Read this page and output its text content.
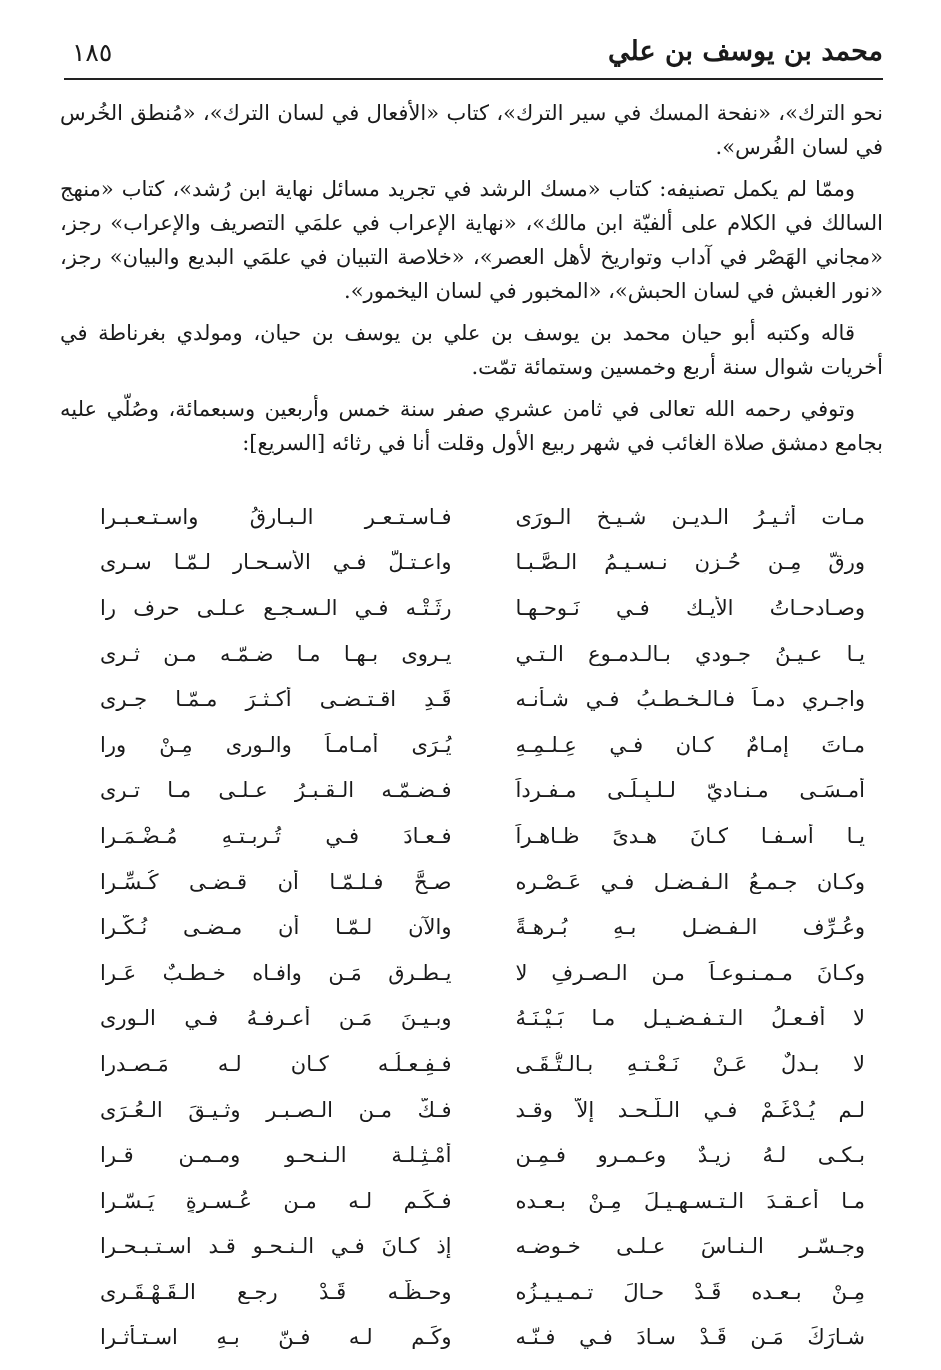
محمد بن يوسف بن علي
١٨٥

نحو الترك»، «نفحة المسك في سير الترك»، كتاب «الأفعال في لسان الترك»، «مُنطق الخُرس في لسان الفُرس».

وممّا لم يكمل تصنيفه: كتاب «مسك الرشد في تجريد مسائل نهاية ابن رُشد»، كتاب «منهج السالك في الكلام على ألفيّة ابن مالك»، «نهاية الإعراب في علمَي التصريف والإعراب» رجز، «مجاني الهَصْر في آداب وتواريخ لأهل العصر»، «خلاصة التبيان في علمَي البديع والبيان» رجز، «نور الغبش في لسان الحبش»، «المخبور في لسان اليخمور».

قاله وكتبه أبو حيان محمد بن يوسف بن علي بن يوسف بن حيان، ومولدي بغرناطة في أخريات شوال سنة أربع وخمسين وستمائة تمّت.

وتوفي رحمه الله تعالى في ثامن عشري صفر سنة خمس وأربعين وسبعمائة، وصُلّي عليه بجامع دمشق صلاة الغائب في شهر ربيع الأول وقلت أنا في رثائه [السريع]:

مـات أثـيـرُ الـديـن شـيـخ الـورَى
فـاسـتـعـر الـبـارقُ واسـتـعـبـرا
ورقّ مِـن حُـزنٍ نـسـيـمُ الـصَّـبـا
واعـتـلّ فـي الأسـحـار لـمّـا سـرى
وصـادحـاتُ الأيـك فـي نَـوحـهـا
رثَـتْـه فـي الـسـجـع عـلـى حرف را
يـا عـيـنُ جـودي بـالـدمـوع الـتـي
يـروى بـهـا مـا ضـمّـه مـن ثـرى
واجـري دمـاً فـالـخـطـبُ فـي شـأنـه
قَـدِ اقـتـضـى أكـثـرَ مـمّـا جـرى
مـاتَ إمـامٌ كـان فـي عِـلـمِـهِ
يُـرَى أمـامـاً والـورى مِـنْ ورا
أمـسَـى مـنـاديّ لـلـبِـلَـى مـفـرداً
فـضـمّـه الـقـبـرُ عـلـى مـا تـرى
يـا أسـفـا كـانَ هـدىً ظـاهـراً
فـعـادَ فـي تُـربـتـهِ مُـضْـمَـرا
وكـان جـمـعُ الـفـضـل فـي عَـصْـرِه
صـحَّ فـلـمّـا أن قـضـى كُـسِّـرا
وعُـرِّف الـفـضـل بـهِ بُـرهـةً
والآن لـمّـا أن مـضـى نُـكّـرا
وكـانَ مـمـنـوعـاً مـن الـصـرفِ لا
يـطـرق مَـن وافـاه خـطـبٌ عَـرا
لا أفـعـلُ الـتـفـضـيـل مـا بَـيْـنَـهُ
وبـيـنَ مَـن أعـرفـهُ فـي الـورى
لا بـدلٌ عَـنْ نَـعْـتـهِ بـالـتُّـقَـى
فـفِـعـلُـه كـان لـه مَـصـدرا
لـم يُـدْغَـمْ فـي الـلّـحـد إلاّ وقـد
فـكّ مـن الـصـبـر وثـيـقَ الـعُـرَى
بـكـى لـهُ زيـدٌ وعـمـرو فـمِـن
أمْـثِـلـة الـنـحـو ومـمـن قـرا
مـا أعـقـدَ الـتـسـهـيـلَ مِـنْ بـعـده
فـكَـم لـه مـن عُـسـرةٍ يَـسّـرا
وجـسّـر الـنـاسَ عـلـى خـوضـه
إذ كـانَ فـي الـنـحـو قـد اسـتـبـحـرا
مِـنْ بـعـده قَـدْ حـالَ تـمـيـيـزُه
وحـظُّـه قَـدْ رجـع الـقَـهْـقَـرى
شـارَكَ مَـن قَـدْ سـادَ فـي فـنّـه
وكَـم لـه فـنّ بـهِ اسـتـأثـرا
